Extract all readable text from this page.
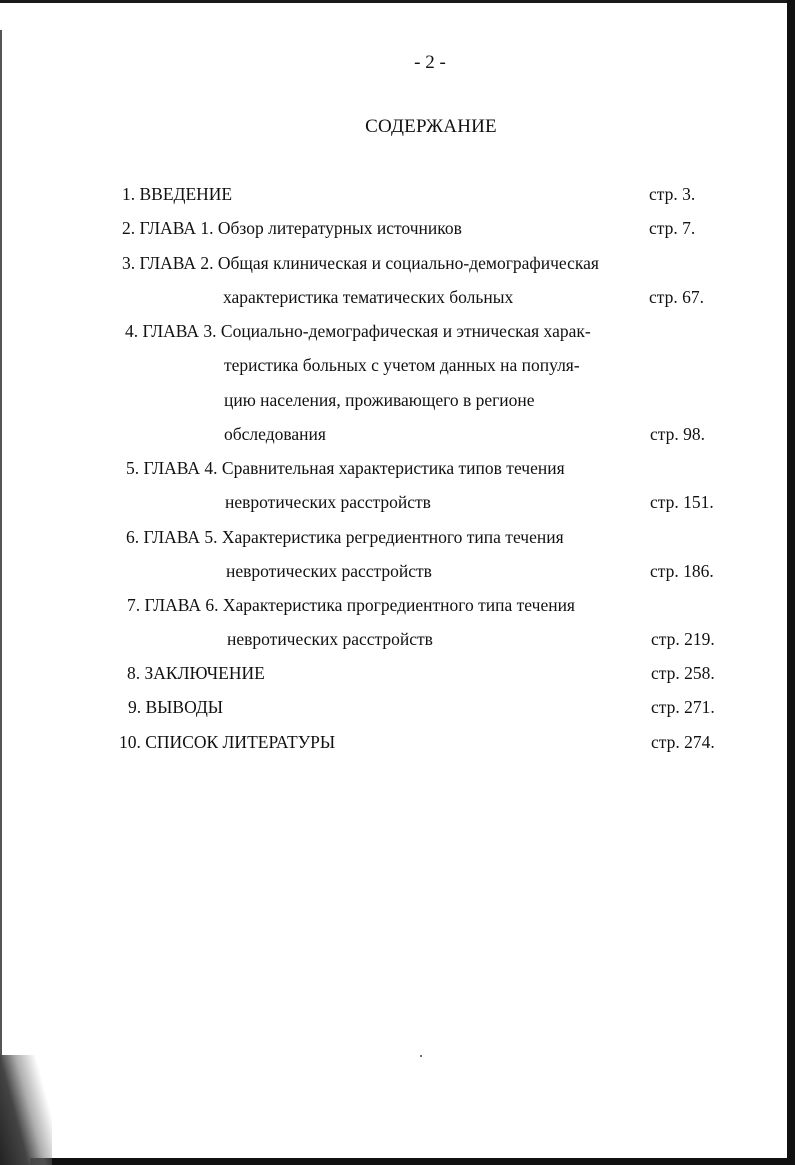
- 2 -
СОДЕРЖАНИЕ
1. ВВЕДЕНИЕ	стр. 3.
2. ГЛАВА 1. Обзор литературных источников	стр. 7.
3. ГЛАВА 2. Общая клиническая и социально-демографическая
характеристика тематических больных	стр. 67.
4. ГЛАВА 3. Социально-демографическая и этническая харак-
теристика больных с учетом данных на популя-
цию населения, проживающего в регионе
обследования	стр. 98.
5. ГЛАВА 4. Сравнительная характеристика типов течения
невротических расстройств	стр. 151.
6. ГЛАВА 5. Характеристика регредиентного типа течения
невротических расстройств	стр. 186.
7. ГЛАВА 6. Характеристика прогредиентного типа течения
невротических расстройств	стр. 219.
8. ЗАКЛЮЧЕНИЕ	стр. 258.
9. ВЫВОДЫ	стр. 271.
10. СПИСОК ЛИТЕРАТУРЫ	стр. 274.
